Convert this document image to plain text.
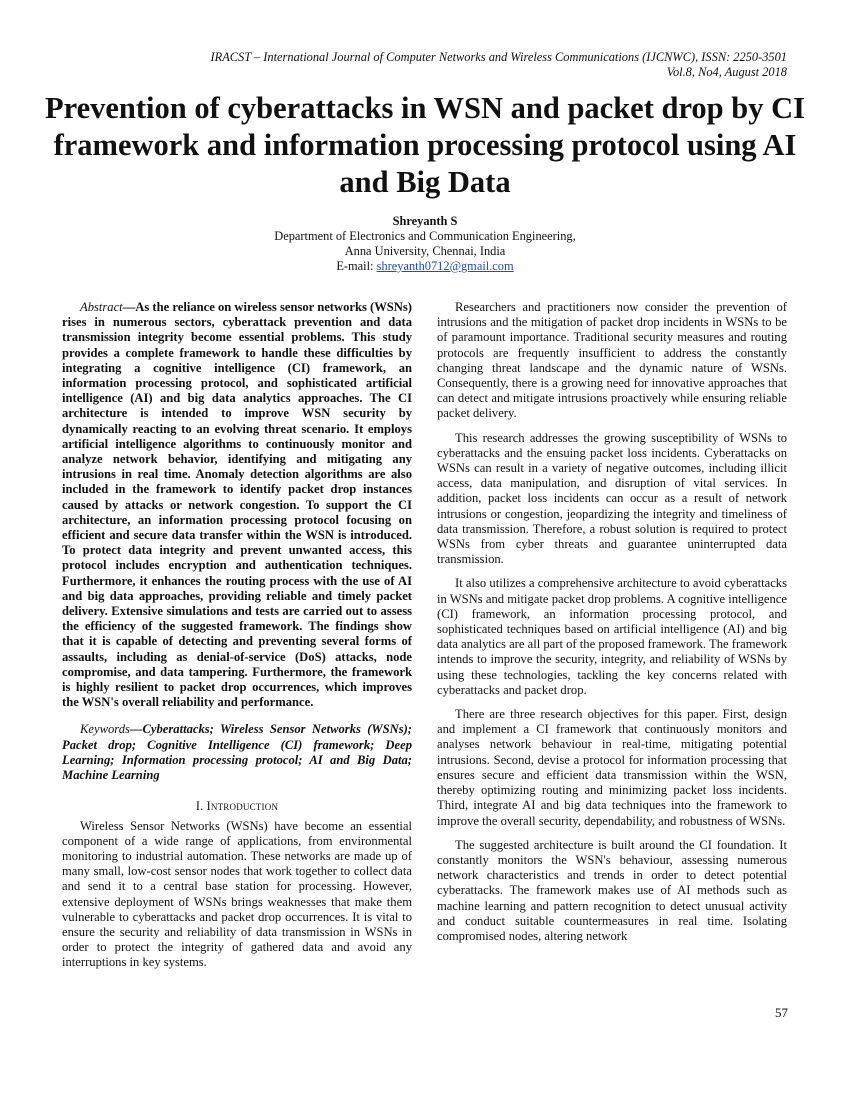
IRACST – International Journal of Computer Networks and Wireless Communications (IJCNWC), ISSN: 2250-3501
Vol.8, No4, August 2018
Prevention of cyberattacks in WSN and packet drop by CI framework and information processing protocol using AI and Big Data
Shreyanth S
Department of Electronics and Communication Engineering,
Anna University, Chennai, India
E-mail: shreyanth0712@gmail.com

Abstract—As the reliance on wireless sensor networks (WSNs) rises in numerous sectors, cyberattack prevention and data transmission integrity become essential problems. This study provides a complete framework to handle these difficulties by integrating a cognitive intelligence (CI) framework, an information processing protocol, and sophisticated artificial intelligence (AI) and big data analytics approaches. The CI architecture is intended to improve WSN security by dynamically reacting to an evolving threat scenario. It employs artificial intelligence algorithms to continuously monitor and analyze network behavior, identifying and mitigating any intrusions in real time. Anomaly detection algorithms are also included in the framework to identify packet drop instances caused by attacks or network congestion. To support the CI architecture, an information processing protocol focusing on efficient and secure data transfer within the WSN is introduced. To protect data integrity and prevent unwanted access, this protocol includes encryption and authentication techniques. Furthermore, it enhances the routing process with the use of AI and big data approaches, providing reliable and timely packet delivery. Extensive simulations and tests are carried out to assess the efficiency of the suggested framework. The findings show that it is capable of detecting and preventing several forms of assaults, including as denial-of-service (DoS) attacks, node compromise, and data tampering. Furthermore, the framework is highly resilient to packet drop occurrences, which improves the WSN's overall reliability and performance.

Keywords—Cyberattacks; Wireless Sensor Networks (WSNs); Packet drop; Cognitive Intelligence (CI) framework; Deep Learning; Information processing protocol; AI and Big Data; Machine Learning

I. Introduction

Wireless Sensor Networks (WSNs) have become an essential component of a wide range of applications, from environmental monitoring to industrial automation. These networks are made up of many small, low-cost sensor nodes that work together to collect data and send it to a central base station for processing. However, extensive deployment of WSNs brings weaknesses that make them vulnerable to cyberattacks and packet drop occurrences. It is vital to ensure the security and reliability of data transmission in WSNs in order to protect the integrity of gathered data and avoid any interruptions in key systems.

Researchers and practitioners now consider the prevention of intrusions and the mitigation of packet drop incidents in WSNs to be of paramount importance. Traditional security measures and routing protocols are frequently insufficient to address the constantly changing threat landscape and the dynamic nature of WSNs. Consequently, there is a growing need for innovative approaches that can detect and mitigate intrusions proactively while ensuring reliable packet delivery.

This research addresses the growing susceptibility of WSNs to cyberattacks and the ensuing packet loss incidents. Cyberattacks on WSNs can result in a variety of negative outcomes, including illicit access, data manipulation, and disruption of vital services. In addition, packet loss incidents can occur as a result of network intrusions or congestion, jeopardizing the integrity and timeliness of data transmission. Therefore, a robust solution is required to protect WSNs from cyber threats and guarantee uninterrupted data transmission.

It also utilizes a comprehensive architecture to avoid cyberattacks in WSNs and mitigate packet drop problems. A cognitive intelligence (CI) framework, an information processing protocol, and sophisticated techniques based on artificial intelligence (AI) and big data analytics are all part of the proposed framework. The framework intends to improve the security, integrity, and reliability of WSNs by using these technologies, tackling the key concerns related with cyberattacks and packet drop.

There are three research objectives for this paper. First, design and implement a CI framework that continuously monitors and analyses network behaviour in real-time, mitigating potential intrusions. Second, devise a protocol for information processing that ensures secure and efficient data transmission within the WSN, thereby optimizing routing and minimizing packet loss incidents. Third, integrate AI and big data techniques into the framework to improve the overall security, dependability, and robustness of WSNs.

The suggested architecture is built around the CI foundation. It constantly monitors the WSN's behaviour, assessing numerous network characteristics and trends in order to detect potential cyberattacks. The framework makes use of AI methods such as machine learning and pattern recognition to detect unusual activity and conduct suitable countermeasures in real time. Isolating compromised nodes, altering network

57
